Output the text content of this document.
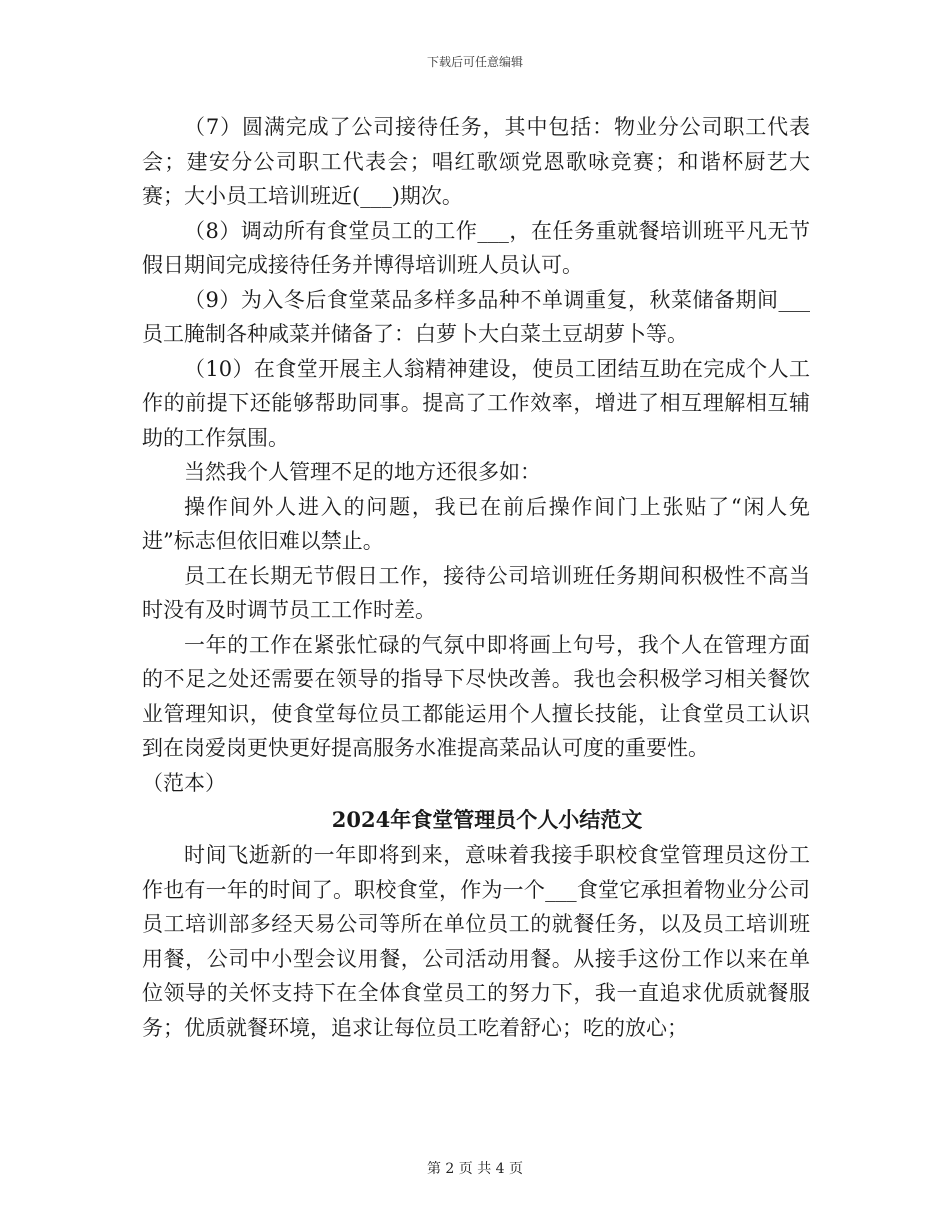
下载后可任意编辑

（7）圆满完成了公司接待任务，其中包括：物业分公司职工代表会；建安分公司职工代表会；唱红歌颂党恩歌咏竞赛；和谐杯厨艺大赛；大小员工培训班近(___)期次。

（8）调动所有食堂员工的工作___，在任务重就餐培训班平凡无节假日期间完成接待任务并博得培训班人员认可。

（9）为入冬后食堂菜品多样多品种不单调重复，秋菜储备期间___员工腌制各种咸菜并储备了：白萝卜大白菜土豆胡萝卜等。

（10）在食堂开展主人翁精神建设，使员工团结互助在完成个人工作的前提下还能够帮助同事。提高了工作效率，增进了相互理解相互辅助的工作氛围。

当然我个人管理不足的地方还很多如：

操作间外人进入的问题，我已在前后操作间门上张贴了“闲人免进”标志但依旧难以禁止。

员工在长期无节假日工作，接待公司培训班任务期间积极性不高当时没有及时调节员工工作时差。

一年的工作在紧张忙碌的气氛中即将画上句号，我个人在管理方面的不足之处还需要在领导的指导下尽快改善。我也会积极学习相关餐饮业管理知识，使食堂每位员工都能运用个人擅长技能，让食堂员工认识到在岗爱岗更快更好提高服务水准提高菜品认可度的重要性。

（范本）

2024年食堂管理员个人小结范文

时间飞逝新的一年即将到来，意味着我接手职校食堂管理员这份工作也有一年的时间了。职校食堂，作为一个___食堂它承担着物业分公司员工培训部多经天易公司等所在单位员工的就餐任务，以及员工培训班用餐，公司中小型会议用餐，公司活动用餐。从接手这份工作以来在单位领导的关怀支持下在全体食堂员工的努力下，我一直追求优质就餐服务；优质就餐环境，追求让每位员工吃着舒心；吃的放心；

第 2 页 共 4 页
